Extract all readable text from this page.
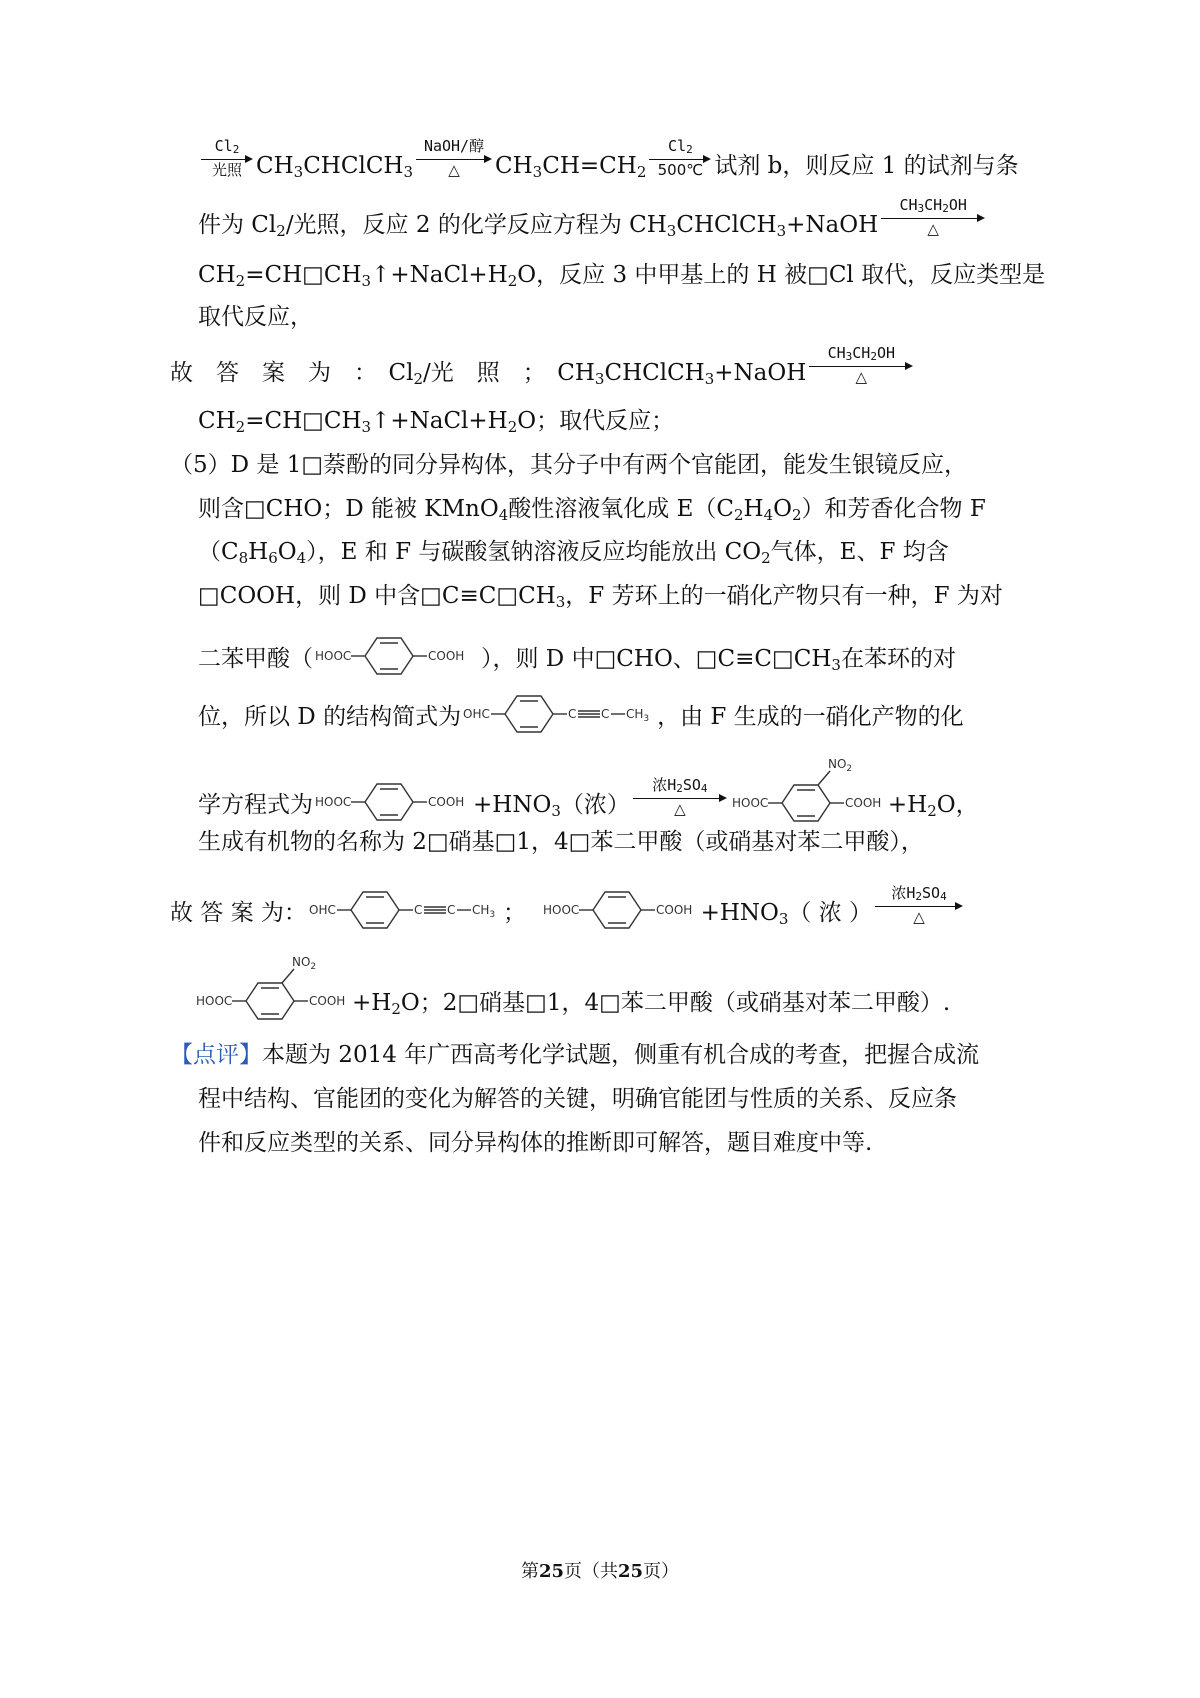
$Cl_2$
光照 $CH_3CHClCH_3$
NaOH/醇
△	$CH_3CH=CH_2 \frac{Cl_2}{500℃}$ 试剂 b，则反应 1 的试剂与条
件为 $Cl_2/$光照，反应 2 的化学反应方程为 $CH_3CHClCH_3+NaOH$
$CH_3CH_2OH$
△
$CH_2=CH□CH_3↑+NaCl+H_2O$，反应 3 中甲基上的 H 被□Cl 取代，反应类型是
取代反应，
故　答　案　为　：　$Cl_2/$光　照　；　$CH_3CHClCH_3+NaOH$
$CH_3CH_2OH$
△
$CH_2=CH□CH_3↑+NaCl+H_2O$；取代反应；
（5）D 是 1□萘酚的同分异构体，其分子中有两个官能团，能发生银镜反应，
则含□CHO；D 能被 KMnO$_4$酸性溶液氧化成 $E(C_2H_4O_2)$和芳香化合物 F
$(C_8H_6O_4)$，E 和 F 与碳酸氢钠溶液反应均能放出 $CO_2$气体，E、F 均含
□COOH，则 D 中含$□C\equiv C□CH_3$，F 芳环上的一硝化产物只有一种，F 为对
二苯甲酸（ HOOC	COOH ），则 D 中□CHO、$□C\equiv C□CH_3$在苯环的对
位，所以 D 的结构简式为 OHC	C C $CH_3$ ，由 F 生成的一硝化产物的化
学方程式为 HOOC	COOH $+HNO_3$（浓）
浓$H_2SO_4$
△
$NO_2$
HOOC	COOH $+H_2O$，
生成有机物的名称为 2□硝基□1，4□苯二甲酸（或硝基对苯二甲酸），
故 答 案 为： OHC	C C $CH_3$ ； HOOC	COOH $+HNO_3$（ 浓 ）
浓$H_2SO_4$
△
$NO_2$
HOOC	COOH $+H_2O$；2□硝基□1，4□苯二甲酸（或硝基对苯二甲酸）.
【点评】本题为 2014 年广西高考化学试题，侧重有机合成的考查，把握合成流
程中结构、官能团的变化为解答的关键，明确官能团与性质的关系、反应条
件和反应类型的关系、同分异构体的推断即可解答，题目难度中等.
第25页（共25页）
